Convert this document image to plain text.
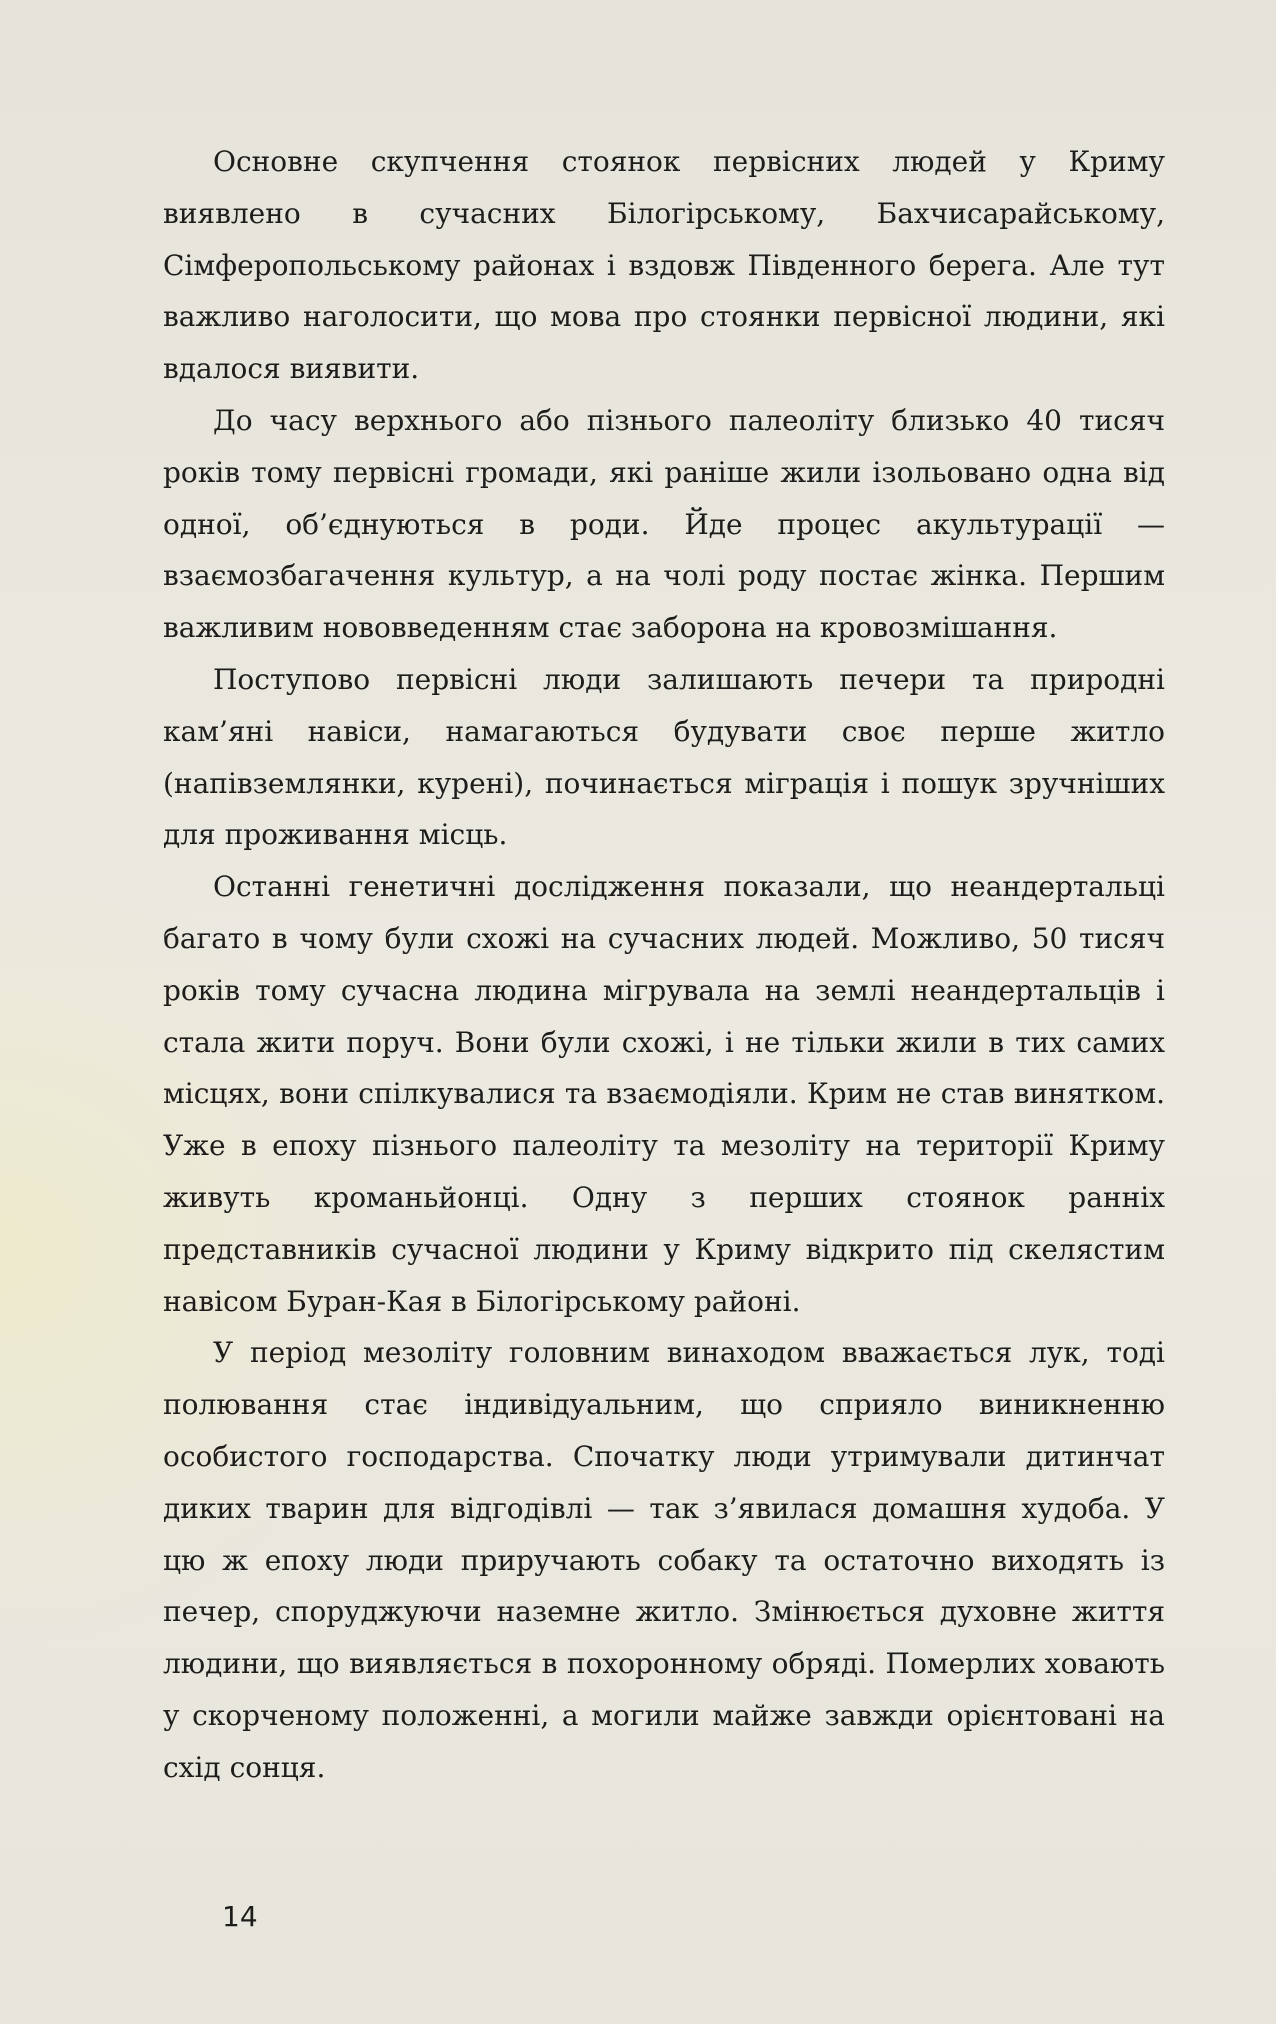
Основне скупчення стоянок первісних людей у Криму виявлено в сучасних Білогірському, Бахчисарайському, Сімферопольському районах і вздовж Південного берега. Але тут важливо наголосити, що мова про стоянки первісної людини, які вдалося виявити.

До часу верхнього або пізнього палеоліту близько 40 тисяч років тому первісні громади, які раніше жили ізольовано одна від одної, об’єднуються в роди. Йде процес акультурації — взаємозбагачення культур, а на чолі роду постає жінка. Першим важливим нововведенням стає заборона на кровозмішання.

Поступово первісні люди залишають печери та природні кам’яні навіси, намагаються будувати своє перше житло (напівземлянки, курені), починається міграція і пошук зручніших для проживання місць.

Останні генетичні дослідження показали, що неандертальці багато в чому були схожі на сучасних людей. Можливо, 50 тисяч років тому сучасна людина мігрувала на землі неандертальців і стала жити поруч. Вони були схожі, і не тільки жили в тих самих місцях, вони спілкувалися та взаємодіяли. Крим не став винятком. Уже в епоху пізнього палеоліту та мезоліту на території Криму живуть кроманьйонці. Одну з перших стоянок ранніх представників сучасної людини у Криму відкрито під скелястим навісом Буран-Кая в Білогірському районі.

У період мезоліту головним винаходом вважається лук, тоді полювання стає індивідуальним, що сприяло виникненню особистого господарства. Спочатку люди утримували дитинчат диких тварин для відгодівлі — так з’явилася домашня худоба. У цю ж епоху люди приручають собаку та остаточно виходять із печер, споруджуючи наземне житло. Змінюється духовне життя людини, що виявляється в похоронному обряді. Померлих ховають у скорченому положенні, а могили майже завжди орієнтовані на схід сонця.

14
